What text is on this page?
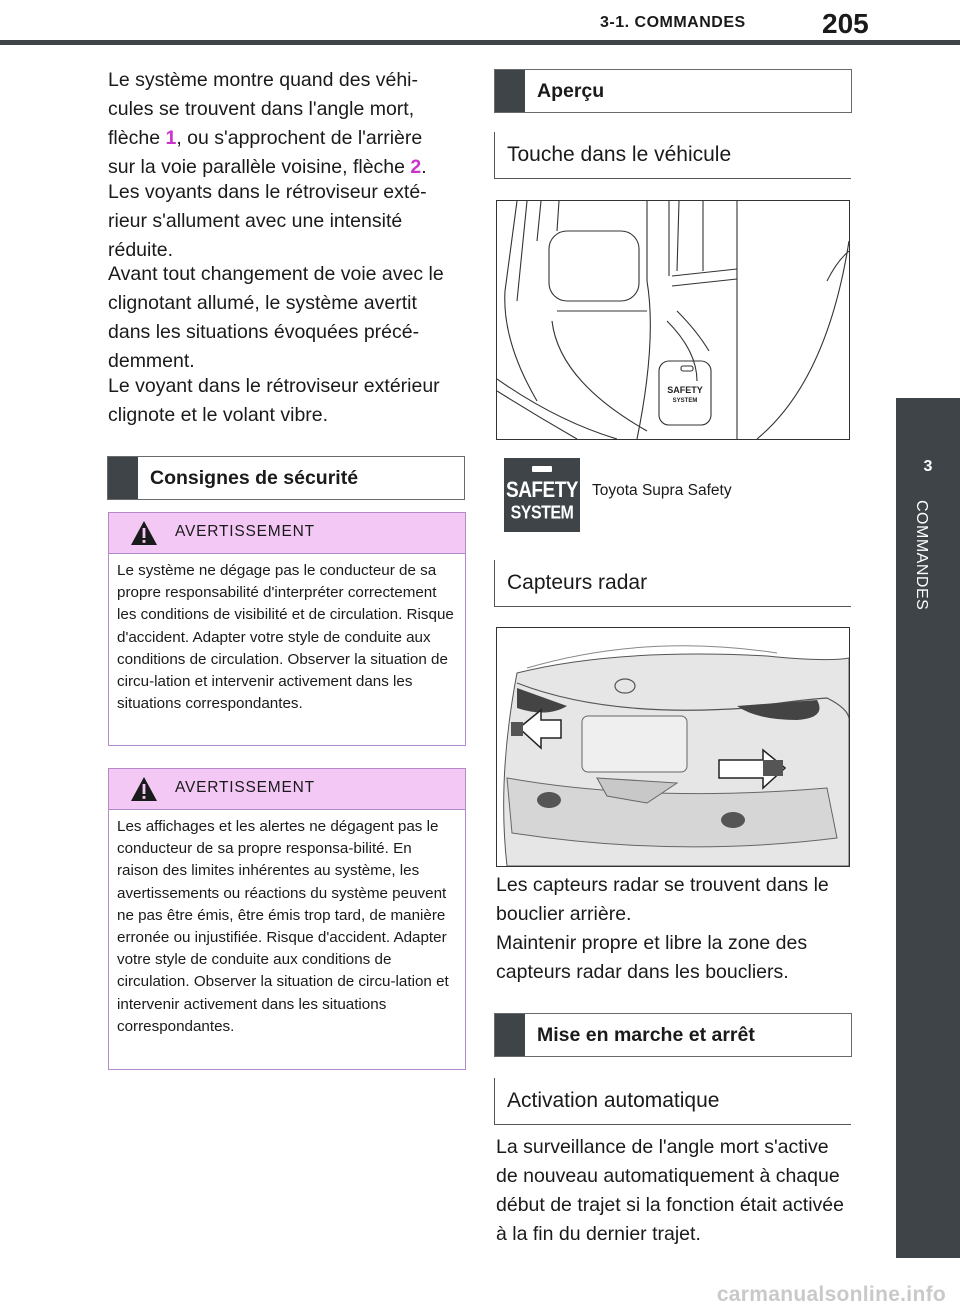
3-1. COMMANDES	205
3
COMMANDES
Le système montre quand des véhi-
cules se trouvent dans l'angle mort,
flèche 1, ou s'approchent de l'arrière
sur la voie parallèle voisine, flèche 2.
Les voyants dans le rétroviseur exté-rieur s'allument avec une intensité réduite.
Avant tout changement de voie avec le clignotant allumé, le système avertit dans les situations évoquées précé-demment.
Le voyant dans le rétroviseur extérieur clignote et le volant vibre.
Consignes de sécurité
AVERTISSEMENT
Le système ne dégage pas le conducteur de sa propre responsabilité d'interpréter correctement les conditions de visibilité et de circulation. Risque d'accident. Adapter votre style de conduite aux conditions de circulation. Observer la situation de circu-lation et intervenir activement dans les situations correspondantes.
AVERTISSEMENT
Les affichages et les alertes ne dégagent pas le conducteur de sa propre responsa-bilité. En raison des limites inhérentes au système, les avertissements ou réactions du système peuvent ne pas être émis, être émis trop tard, de manière erronée ou injustifiée. Risque d'accident. Adapter votre style de conduite aux conditions de circulation. Observer la situation de circu-lation et intervenir activement dans les situations correspondantes.
Aperçu
Touche dans le véhicule
SAFETY
SYSTEM
SAFETY
SYSTEM
Toyota Supra Safety
Capteurs radar
Les capteurs radar se trouvent dans le bouclier arrière.
Maintenir propre et libre la zone des capteurs radar dans les boucliers.
Mise en marche et arrêt
Activation automatique
La surveillance de l'angle mort s'active de nouveau automatiquement à chaque début de trajet si la fonction était activée à la fin du dernier trajet.
carmanualsonline.info
